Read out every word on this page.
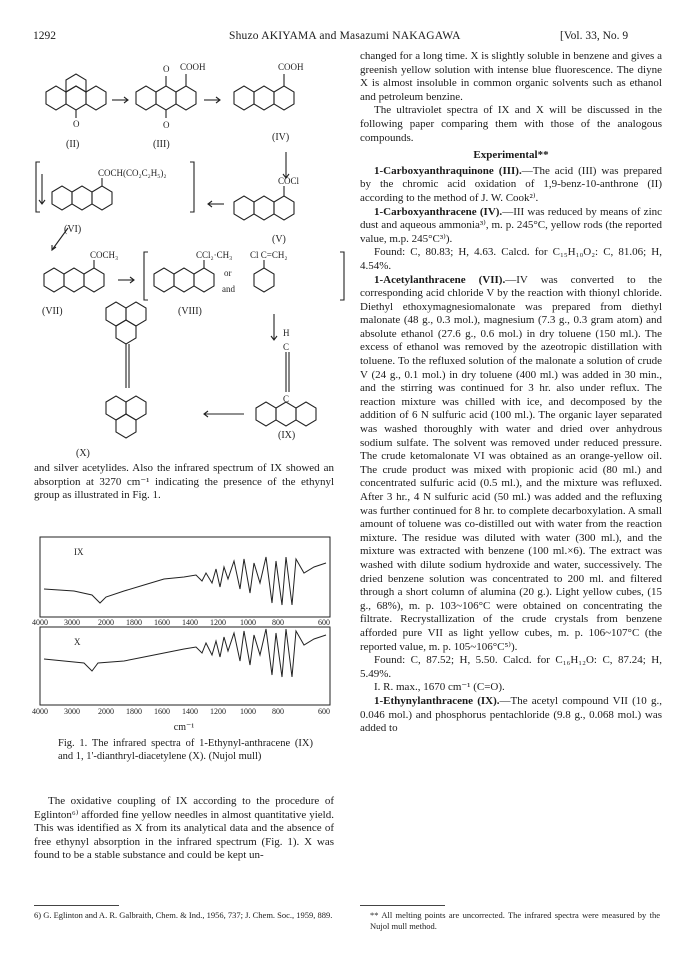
1292	Shuzo AKIYAMA and Masazumi NAKAGAWA	[Vol. 33, No. 9
O
O COOH
O
COOH
COCH(CO₂C₂H₅)₂
COCl
COCH₃	CCl₂·CH₃ Cl C=CH₂
or
and
H
C
C
(II)	(III)
(IV)
(V)
(VI)
(VII)	(VIII)
(IX)
(X)

and silver acetylides. Also the infrared spectrum of IX showed an absorption at 3270 cm⁻¹ indicating the presence of the ethynyl group as illustrated in Fig. 1.

IX
X
4000 3000 2000 1800 1600 1400 1200 1000 800	600
4000 3000 2000 1800 1600 1400 1200 1000 800	600
cm⁻¹
Fig. 1. The infrared spectra of 1-Ethynyl-anthracene (IX) and 1, 1'-dianthryl-diacetylene (X). (Nujol mull)

The oxidative coupling of IX according to the procedure of Eglinton⁶⁾ afforded fine yellow needles in almost quantitative yield. This was identified as X from its analytical data and the absence of free ethynyl absorption in the infrared spectrum (Fig. 1). X was found to be a stable substance and could be kept un-

6) G. Eglinton and A. R. Galbraith, Chem. & Ind., 1956, 737; J. Chem. Soc., 1959, 889.

changed for a long time. X is slightly soluble in benzene and gives a greenish yellow solution with intense blue fluorescence. The diyne X is almost insoluble in common organic solvents such as ethanol and petroleum benzine.

The ultraviolet spectra of IX and X will be discussed in the following paper comparing them with those of the analogous compounds.

Experimental**

1-Carboxyanthraquinone (III).—The acid (III) was prepared by the chromic acid oxidation of 1,9-benz-10-anthrone (II) according to the method of J. W. Cook²⁾.

1-Carboxyanthracene (IV).—III was reduced by means of zinc dust and aqueous ammonia³⁾, m. p. 245°C, yellow rods (the reported value, m.p. 245°C³⁾).

Found: C, 80.83; H, 4.63. Calcd. for C₁₅H₁₀O₂: C, 81.06; H, 4.54%.

1-Acetylanthracene (VII).—IV was converted to the corresponding acid chloride V by the reaction with thionyl chloride. Diethyl ethoxymagnesiomalonate was prepared from diethyl malonate (48 g., 0.3 mol.), magnesium (7.3 g., 0.3 gram atom) and absolute ethanol (27.6 g., 0.6 mol.) in dry toluene (150 ml.). The excess of ethanol was removed by the azeotropic distillation with toluene. To the refluxed solution of the malonate a solution of crude V (24 g., 0.1 mol.) in dry toluene (400 ml.) was added in 30 min., and the stirring was continued for 3 hr. also under reflux. The reaction mixture was chilled with ice, and decomposed by the addition of 6 N sulfuric acid (100 ml.). The organic layer separated was washed thoroughly with water and dried over anhydrous sodium sulfate. The solvent was removed under reduced pressure. The crude ketomalonate VI was obtained as an orange-yellow oil. The crude product was mixed with propionic acid (80 ml.) and concentrated sulfuric acid (0.5 ml.), and the mixture was refluxed. After 3 hr., 4 N sulfuric acid (50 ml.) was added and the refluxing was further continued for 8 hr. to complete decarboxylation. A small amount of toluene was co-distilled out with water from the reaction mixture. The residue was diluted with water (300 ml.), and the mixture was extracted with benzene (100 ml.×6). The extract was washed with dilute sodium hydroxide and water, successively. The dried benzene solution was concentrated to 200 ml. and filtered through a short column of alumina (20 g.). Light yellow cubes, (15 g., 68%), m. p. 103~106°C were obtained on concentrating the filtrate. Recrystallization of the crude crystals from benzene afforded pure VII as light yellow cubes, m. p. 106~107°C (the reported value, m. p. 105~106°C⁵⁾).

Found: C, 87.52; H, 5.50. Calcd. for C₁₆H₁₂O: C, 87.24; H, 5.49%.

I. R. max., 1670 cm⁻¹ (C=O).

1-Ethynylanthracene (IX).—The acetyl compound VII (10 g., 0.046 mol.) and phosphorus pentachloride (9.8 g., 0.068 mol.) was added to

** All melting points are uncorrected. The infrared spectra were measured by the Nujol mull method.
